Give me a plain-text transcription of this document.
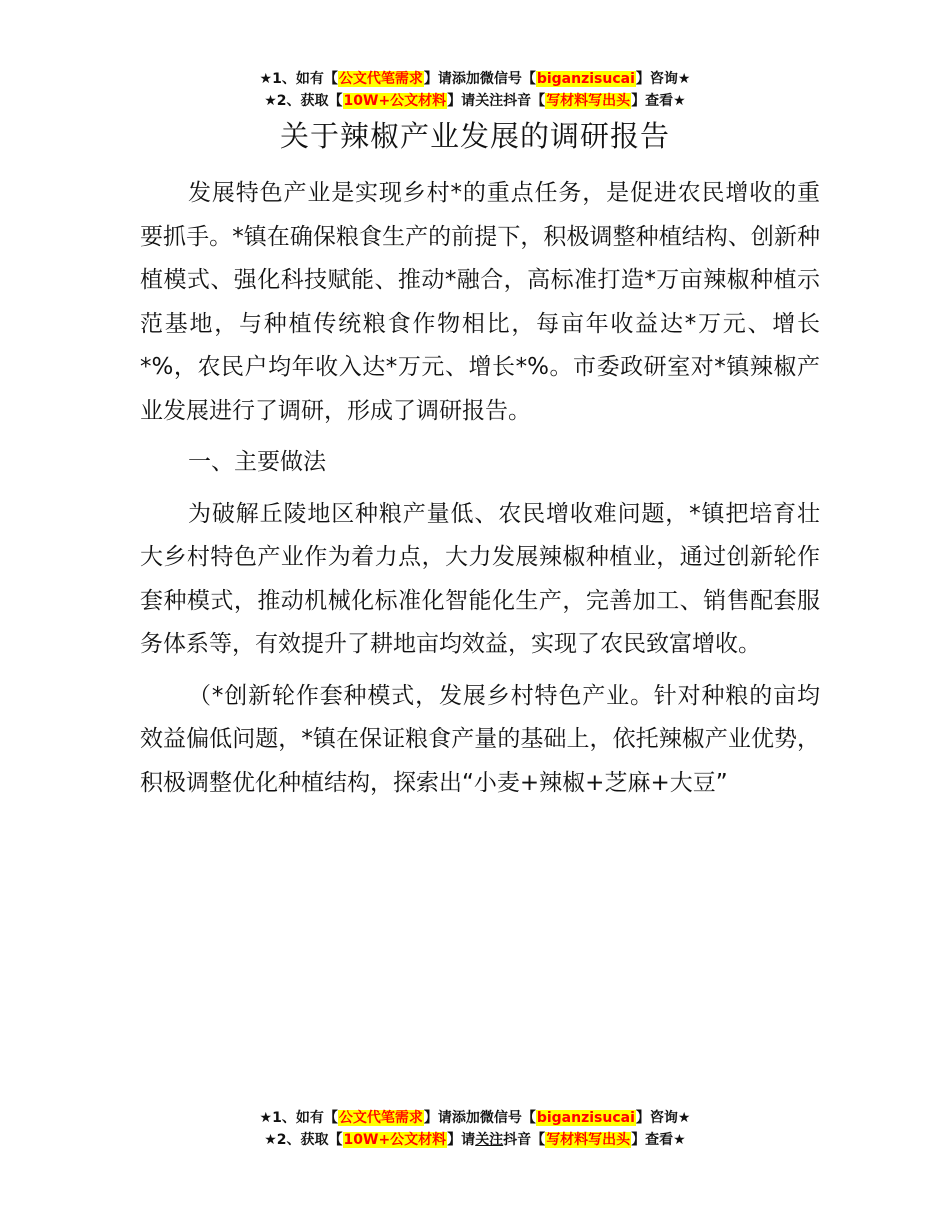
★1、如有【公文代笔需求】请添加微信号【biganzisucai】咨询★
★2、获取【10W+公文材料】请关注抖音【写材料写出头】查看★
关于辣椒产业发展的调研报告

发展特色产业是实现乡村*的重点任务，是促进农民增收的重要抓手。*镇在确保粮食生产的前提下，积极调整种植结构、创新种植模式、强化科技赋能、推动*融合，高标准打造*万亩辣椒种植示范基地，与种植传统粮食作物相比，每亩年收益达*万元、增长*%，农民户均年收入达*万元、增长*%。市委政研室对*镇辣椒产业发展进行了调研，形成了调研报告。

一、主要做法

为破解丘陵地区种粮产量低、农民增收难问题，*镇把培育壮大乡村特色产业作为着力点，大力发展辣椒种植业，通过创新轮作套种模式，推动机械化标准化智能化生产，完善加工、销售配套服务体系等，有效提升了耕地亩均效益，实现了农民致富增收。

（*创新轮作套种模式，发展乡村特色产业。针对种粮的亩均效益偏低问题，*镇在保证粮食产量的基础上，依托辣椒产业优势，积极调整优化种植结构，探索出“小麦+辣椒+芝麻+大豆”

★1、如有【公文代笔需求】请添加微信号【biganzisucai】咨询★
★2、获取【10W+公文材料】请关注抖音【写材料写出头】查看★
